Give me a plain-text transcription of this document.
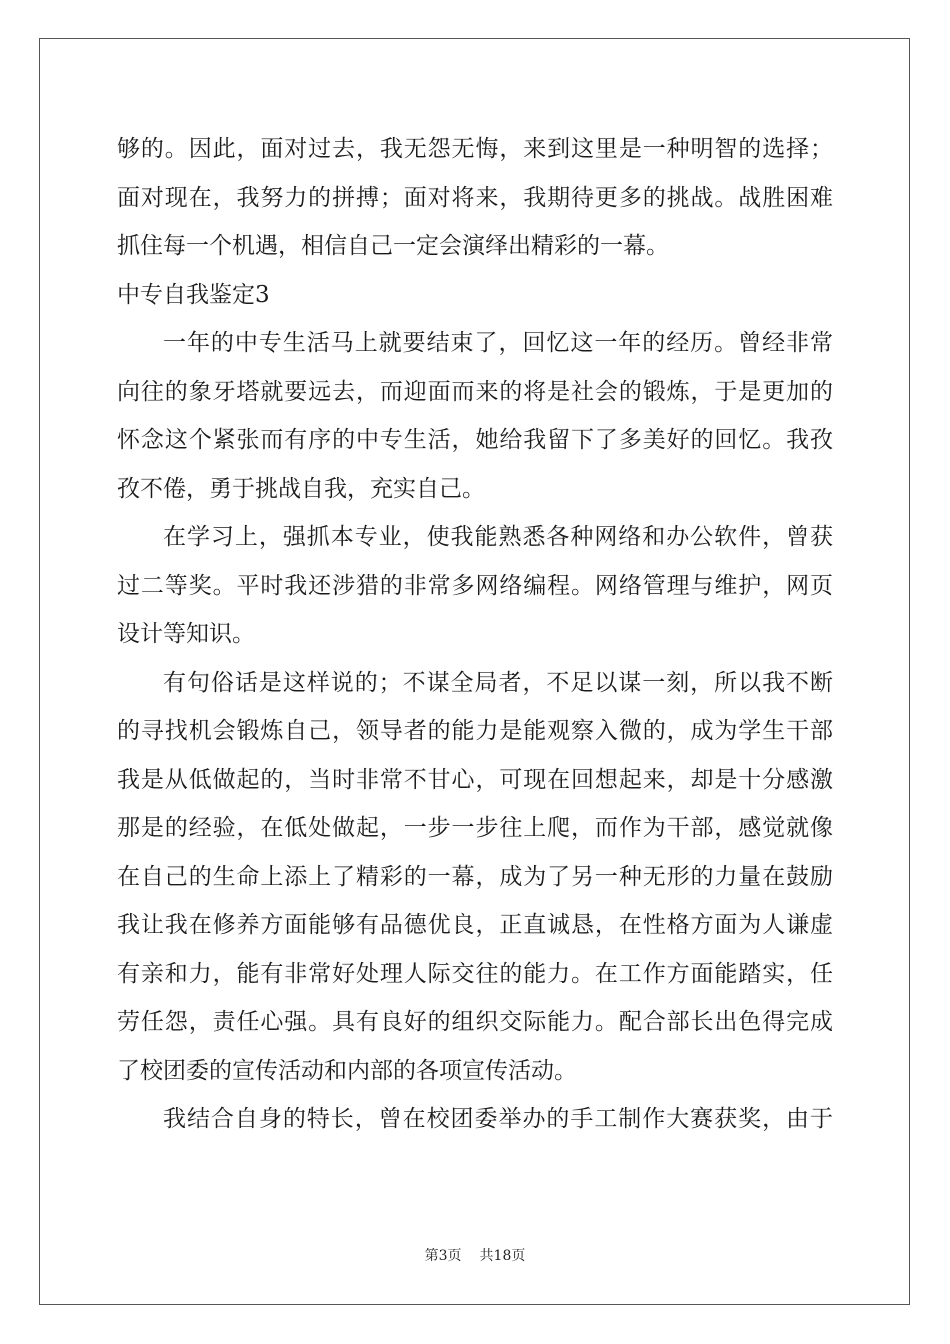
够的。因此，面对过去，我无怨无悔，来到这里是一种明智的选择；
面对现在，我努力的拼搏；面对将来，我期待更多的挑战。战胜困难
抓住每一个机遇，相信自己一定会演绎出精彩的一幕。
中专自我鉴定3
一年的中专生活马上就要结束了，回忆这一年的经历。曾经非常
向往的象牙塔就要远去，而迎面而来的将是社会的锻炼，于是更加的
怀念这个紧张而有序的中专生活，她给我留下了多美好的回忆。我孜
孜不倦，勇于挑战自我，充实自己。
在学习上，强抓本专业，使我能熟悉各种网络和办公软件，曾获
过二等奖。平时我还涉猎的非常多网络编程。网络管理与维护，网页
设计等知识。
有句俗话是这样说的；不谋全局者，不足以谋一刻，所以我不断
的寻找机会锻炼自己，领导者的能力是能观察入微的，成为学生干部
我是从低做起的，当时非常不甘心，可现在回想起来，却是十分感激
那是的经验，在低处做起，一步一步往上爬，而作为干部，感觉就像
在自己的生命上添上了精彩的一幕，成为了另一种无形的力量在鼓励
我让我在修养方面能够有品德优良，正直诚恳，在性格方面为人谦虚
有亲和力，能有非常好处理人际交往的能力。在工作方面能踏实，任
劳任怨，责任心强。具有良好的组织交际能力。配合部长出色得完成
了校团委的宣传活动和内部的各项宣传活动。
我结合自身的特长，曾在校团委举办的手工制作大赛获奖，由于
第3页 共18页
